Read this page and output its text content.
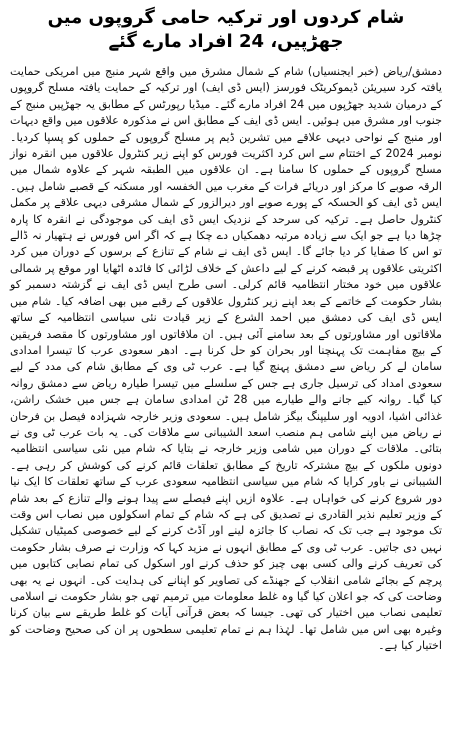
شام کردوں اور ترکیہ حامی گروپوں میں جھڑپیں، 24 افراد مارے گئے

دمشق/ریاض (خبر ایجنسیاں) شام کے شمال مشرق میں واقع شہر منبج میں امریکی حمایت یافتہ کرد سیریئن ڈیموکریٹک فورسز (ایس ڈی ایف) اور ترکیہ کے حمایت یافتہ مسلح گروپوں کے درمیان شدید جھڑپوں میں 24 افراد مارے گئے۔ میڈیا رپورٹس کے مطابق یہ جھڑپیں منبج کے جنوب اور مشرق میں ہوئیں۔ ایس ڈی ایف کے مطابق اس نے مذکورہ علاقوں میں واقع دیہات اور منبج کے نواحی دیہی علاقے میں تشرین ڈیم پر مسلح گروپوں کے حملوں کو پسپا کردیا۔ نومبر 2024 کے اختتام سے اس کرد اکثریت فورس کو اپنے زیر کنٹرول علاقوں میں انقرہ نواز مسلح گروپوں کے حملوں کا سامنا ہے۔ ان علاقوں میں الطبقہ شہر کے علاوہ شمال میں الرقہ صوبے کا مرکز اور دریائے فرات کے مغرب میں الخفسہ اور مسکنہ کے قصبے شامل ہیں۔ ایس ڈی ایف کو الحسکہ کے پورے صوبے اور دیرالزور کے شمال مشرقی دیہی علاقے پر مکمل کنٹرول حاصل ہے۔ ترکیہ کی سرحد کے نزدیک ایس ڈی ایف کی موجودگی نے انقرہ کا پارہ چڑھا دیا ہے جو ایک سے زیادہ مرتبہ دھمکیاں دے چکا ہے کہ اگر اس فورس نے ہتھیار نہ ڈالے تو اس کا صفایا کر دیا جائے گا۔ ایس ڈی ایف نے شام کے تنازع کے برسوں کے دوران میں کرد اکثریتی علاقوں پر قبضہ کرنے کے لیے داعش کے خلاف لڑائی کا فائدہ اٹھایا اور موقع پر شمالی علاقوں میں خود مختار انتظامیہ قائم کرلی۔ اسی طرح ایس ڈی ایف نے گزشتہ دسمبر کو بشار حکومت کے خاتمے کے بعد اپنے زیر کنٹرول علاقوں کے رقبے میں بھی اضافہ کیا۔ شام میں ایس ڈی ایف کی دمشق میں احمد الشرع کے زیر قیادت نئی سیاسی انتظامیہ کے ساتھ ملاقاتوں اور مشاورتوں کے بعد سامنے آئی ہیں۔ ان ملاقاتوں اور مشاورتوں کا مقصد فریقین کے بیچ مفاہمت تک پہنچنا اور بحران کو حل کرنا ہے۔ ادھر سعودی عرب کا تیسرا امدادی سامان لے کر ریاض سے دمشق پہنچ گیا ہے۔ عرب ٹی وی کے مطابق شام کی مدد کے لیے سعودی امداد کی ترسیل جاری ہے جس کے سلسلے میں تیسرا طیارہ ریاض سے دمشق روانہ کیا گیا۔ روانہ کیے جانے والے طیارے میں 28 ٹن امدادی سامان ہے جس میں خشک راشن، غذائی اشیا، ادویہ اور سلیپنگ بیگز شامل ہیں۔ سعودی وزیر خارجہ شہزادہ فیصل بن فرحان نے ریاض میں اپنے شامی ہم منصب اسعد الشیبانی سے ملاقات کی۔ یہ بات عرب ٹی وی نے بتائی۔ ملاقات کے دوران میں شامی وزیر خارجہ نے بتایا کہ شام میں نئی سیاسی انتظامیہ دونوں ملکوں کے بیچ مشترکہ تاریخ کے مطابق تعلقات قائم کرنے کی کوشش کر رہی ہے۔ الشیبانی نے باور کرایا کہ شام میں سیاسی انتظامیہ سعودی عرب کے ساتھ تعلقات کا ایک نیا دور شروع کرنے کی خواہاں ہے۔ علاوہ ازیں اپنے فیصلے سے پیدا ہونے والے تنازع کے بعد شام کے وزیر تعلیم نذیر القادری نے تصدیق کی ہے کہ شام کے تمام اسکولوں میں نصاب اس وقت تک موجود ہے جب تک کہ نصاب کا جائزہ لینے اور آڈٹ کرنے کے لیے خصوصی کمیٹیاں تشکیل نہیں دی جاتیں۔ عرب ٹی وی کے مطابق انہوں نے مزید کہا کہ وزارت نے صرف بشار حکومت کی تعریف کرنے والی کسی بھی چیز کو حذف کرنے اور اسکول کی تمام نصابی کتابوں میں پرچم کے بجائے شامی انقلاب کے جھنڈے کی تصاویر کو اپنانے کی ہدایت کی۔ انہوں نے یہ بھی وضاحت کی کہ جو اعلان کیا گیا وہ غلط معلومات میں ترمیم تھی جو بشار حکومت نے اسلامی تعلیمی نصاب میں اختیار کی تھی۔ جیسا کہ بعض قرآنی آیات کو غلط طریقے سے بیان کرنا وغیرہ بھی اس میں شامل تھا۔ لہٰذا ہم نے تمام تعلیمی سطحوں پر ان کی صحیح وضاحت کو اختیار کیا ہے۔
